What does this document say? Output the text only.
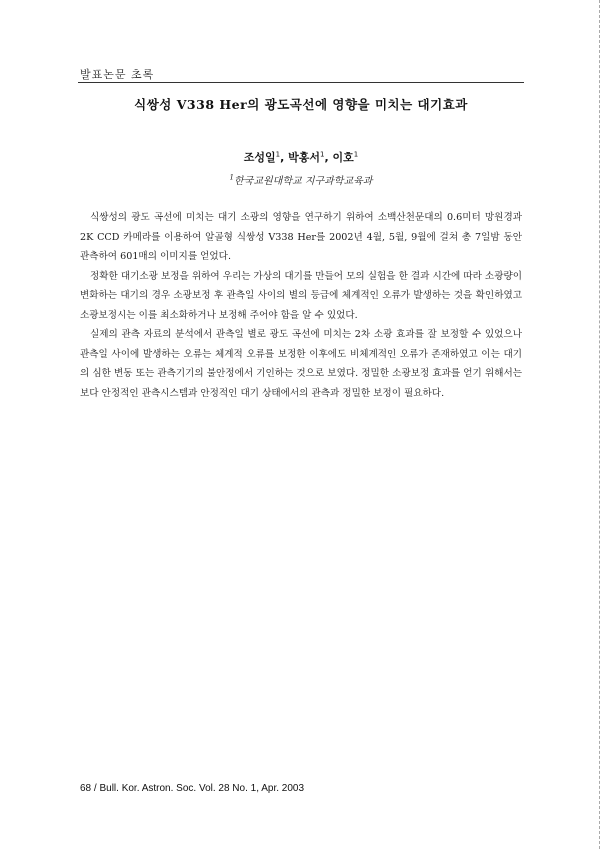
발표논문 초록
식쌍성 V338 Her의 광도곡선에 영향을 미치는 대기효과
조성일$^1$, 박홍서$^1$, 이호$^1$
$^1$한국교원대학교 지구과학교육과

식쌍성의 광도 곡선에 미치는 대기 소광의 영향을 연구하기 위하여 소백산천문대의 0.6미터 망원경과 2K CCD 카메라를 이용하여 알골형 식쌍성 V338 Her를 2002년 4월, 5월, 9월에 걸쳐 총 7일밤 동안 관측하여 601매의 이미지를 얻었다.

정확한 대기소광 보정을 위하여 우리는 가상의 대기를 만들어 모의 실험을 한 결과 시간에 따라 소광량이 변화하는 대기의 경우 소광보정 후 관측일 사이의 별의 등급에 체계적인 오류가 발생하는 것을 확인하였고 소광보정시는 이를 최소화하거나 보정해 주어야 함을 알 수 있었다.

실제의 관측 자료의 분석에서 관측일 별로 광도 곡선에 미치는 2차 소광 효과를 잘 보정할 수 있었으나 관측일 사이에 발생하는 오류는 체계적 오류를 보정한 이후에도 비체계적인 오류가 존재하였고 이는 대기의 심한 변동 또는 관측기기의 불안정에서 기인하는 것으로 보였다. 정밀한 소광보정 효과를 얻기 위해서는 보다 안정적인 관측시스템과 안정적인 대기 상태에서의 관측과 정밀한 보정이 필요하다.

68 / Bull. Kor. Astron. Soc. Vol. 28 No. 1, Apr. 2003
